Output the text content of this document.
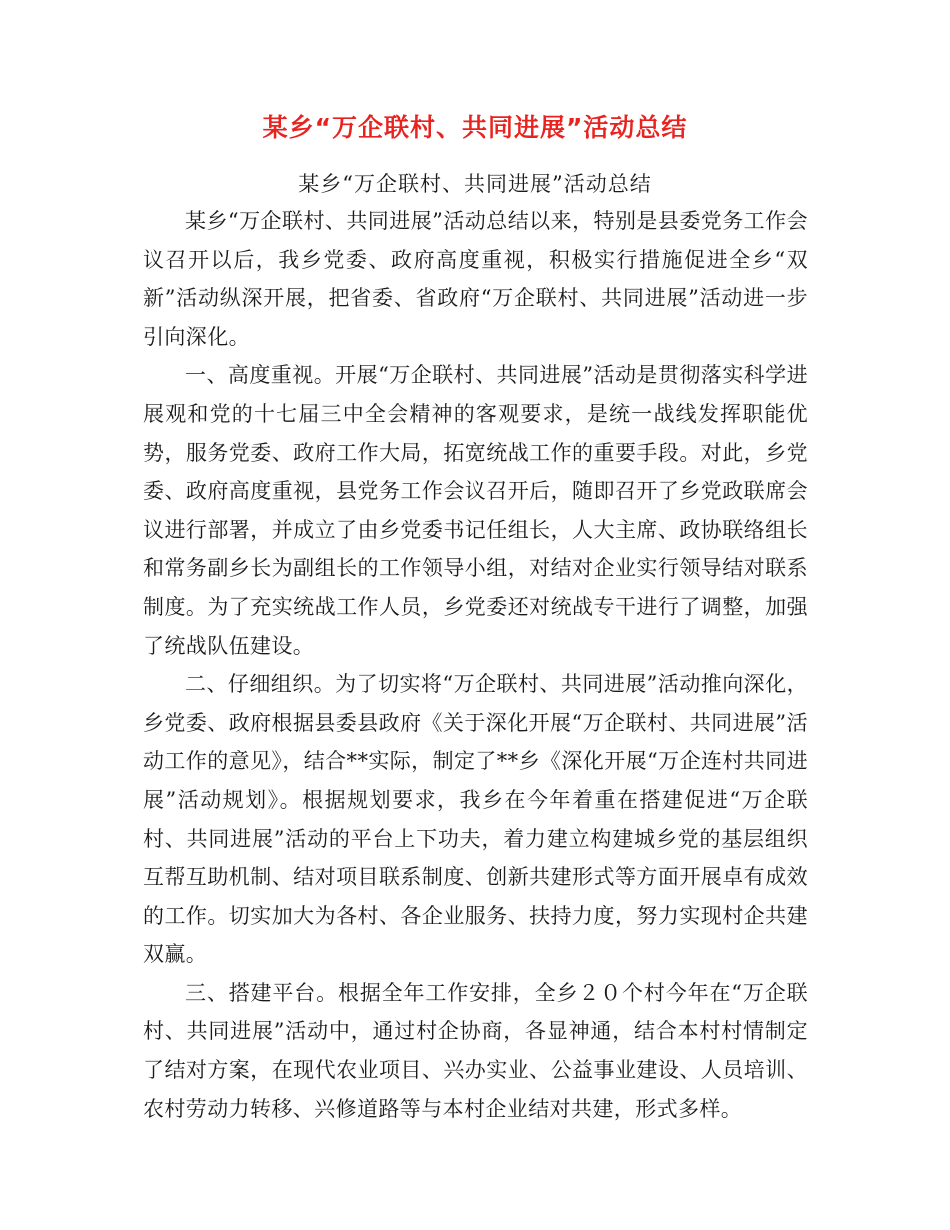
某乡“万企联村、共同进展”活动总结
某乡“万企联村、共同进展”活动总结

某乡“万企联村、共同进展”活动总结以来，特别是县委党务工作会议召开以后，我乡党委、政府高度重视，积极实行措施促进全乡“双新”活动纵深开展，把省委、省政府“万企联村、共同进展”活动进一步引向深化。

一、高度重视。开展“万企联村、共同进展”活动是贯彻落实科学进展观和党的十七届三中全会精神的客观要求，是统一战线发挥职能优势，服务党委、政府工作大局，拓宽统战工作的重要手段。对此，乡党委、政府高度重视，县党务工作会议召开后，随即召开了乡党政联席会议进行部署，并成立了由乡党委书记任组长，人大主席、政协联络组长和常务副乡长为副组长的工作领导小组，对结对企业实行领导结对联系制度。为了充实统战工作人员，乡党委还对统战专干进行了调整，加强了统战队伍建设。

二、仔细组织。为了切实将“万企联村、共同进展”活动推向深化，乡党委、政府根据县委县政府《关于深化开展“万企联村、共同进展”活动工作的意见》，结合**实际，制定了**乡《深化开展“万企连村共同进展”活动规划》。根据规划要求，我乡在今年着重在搭建促进“万企联村、共同进展”活动的平台上下功夫，着力建立构建城乡党的基层组织互帮互助机制、结对项目联系制度、创新共建形式等方面开展卓有成效的工作。切实加大为各村、各企业服务、扶持力度，努力实现村企共建双赢。

三、搭建平台。根据全年工作安排，全乡２０个村今年在“万企联村、共同进展”活动中，通过村企协商，各显神通，结合本村村情制定了结对方案，在现代农业项目、兴办实业、公益事业建设、人员培训、农村劳动力转移、兴修道路等与本村企业结对共建，形式多样。
